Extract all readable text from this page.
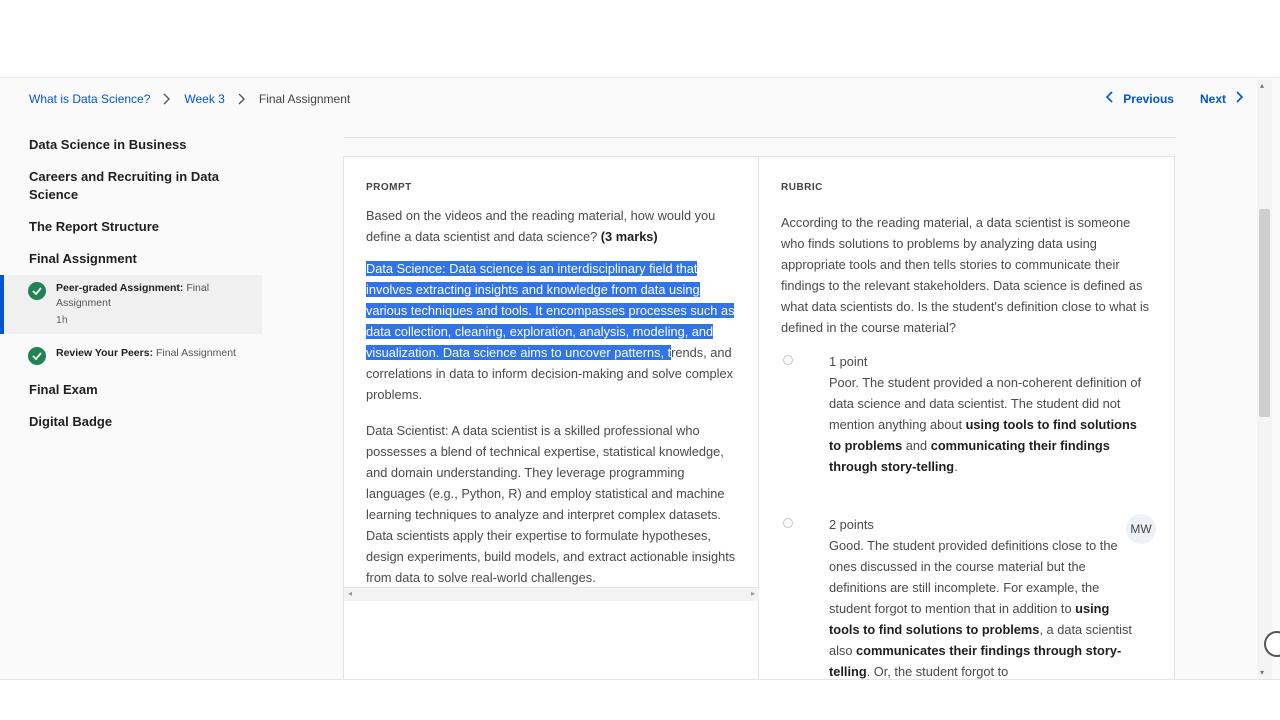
What is Data Science?	Week 3	Final Assignment	Previous Next
Data Science in Business
Careers and Recruiting in Data Science
The Report Structure
Final Assignment
Peer-graded Assignment: Final Assignment
1h
Review Your Peers: Final Assignment
Final Exam
Digital Badge
PROMPT
Based on the videos and the reading material, how would you define a data scientist and data science? (3 marks)
Data Science: Data science is an interdisciplinary field that involves extracting insights and knowledge from data using various techniques and tools. It encompasses processes such as data collection, cleaning, exploration, analysis, modeling, and visualization. Data science aims to uncover patterns, trends, and correlations in data to inform decision-making and solve complex problems.
Data Scientist: A data scientist is a skilled professional who possesses a blend of technical expertise, statistical knowledge, and domain understanding. They leverage programming languages (e.g., Python, R) and employ statistical and machine learning techniques to analyze and interpret complex datasets. Data scientists apply their expertise to formulate hypotheses, design experiments, build models, and extract actionable insights from data to solve real-world challenges.
◂	▸
RUBRIC
According to the reading material, a data scientist is someone who finds solutions to problems by analyzing data using appropriate tools and then tells stories to communicate their findings to the relevant stakeholders. Data science is defined as what data scientists do. Is the student's definition close to what is defined in the course material?
1 point
Poor. The student provided a non-coherent definition of data science and data scientist. The student did not mention anything about using tools to find solutions to problems and communicating their findings through story-telling.
2 points
Good. The student provided definitions close to the ones discussed in the course material but the definitions are still incomplete. For example, the student forgot to mention that in addition to using tools to find solutions to problems, a data scientist also communicates their findings through story-telling. Or, the student forgot to
MW
▴
▾
